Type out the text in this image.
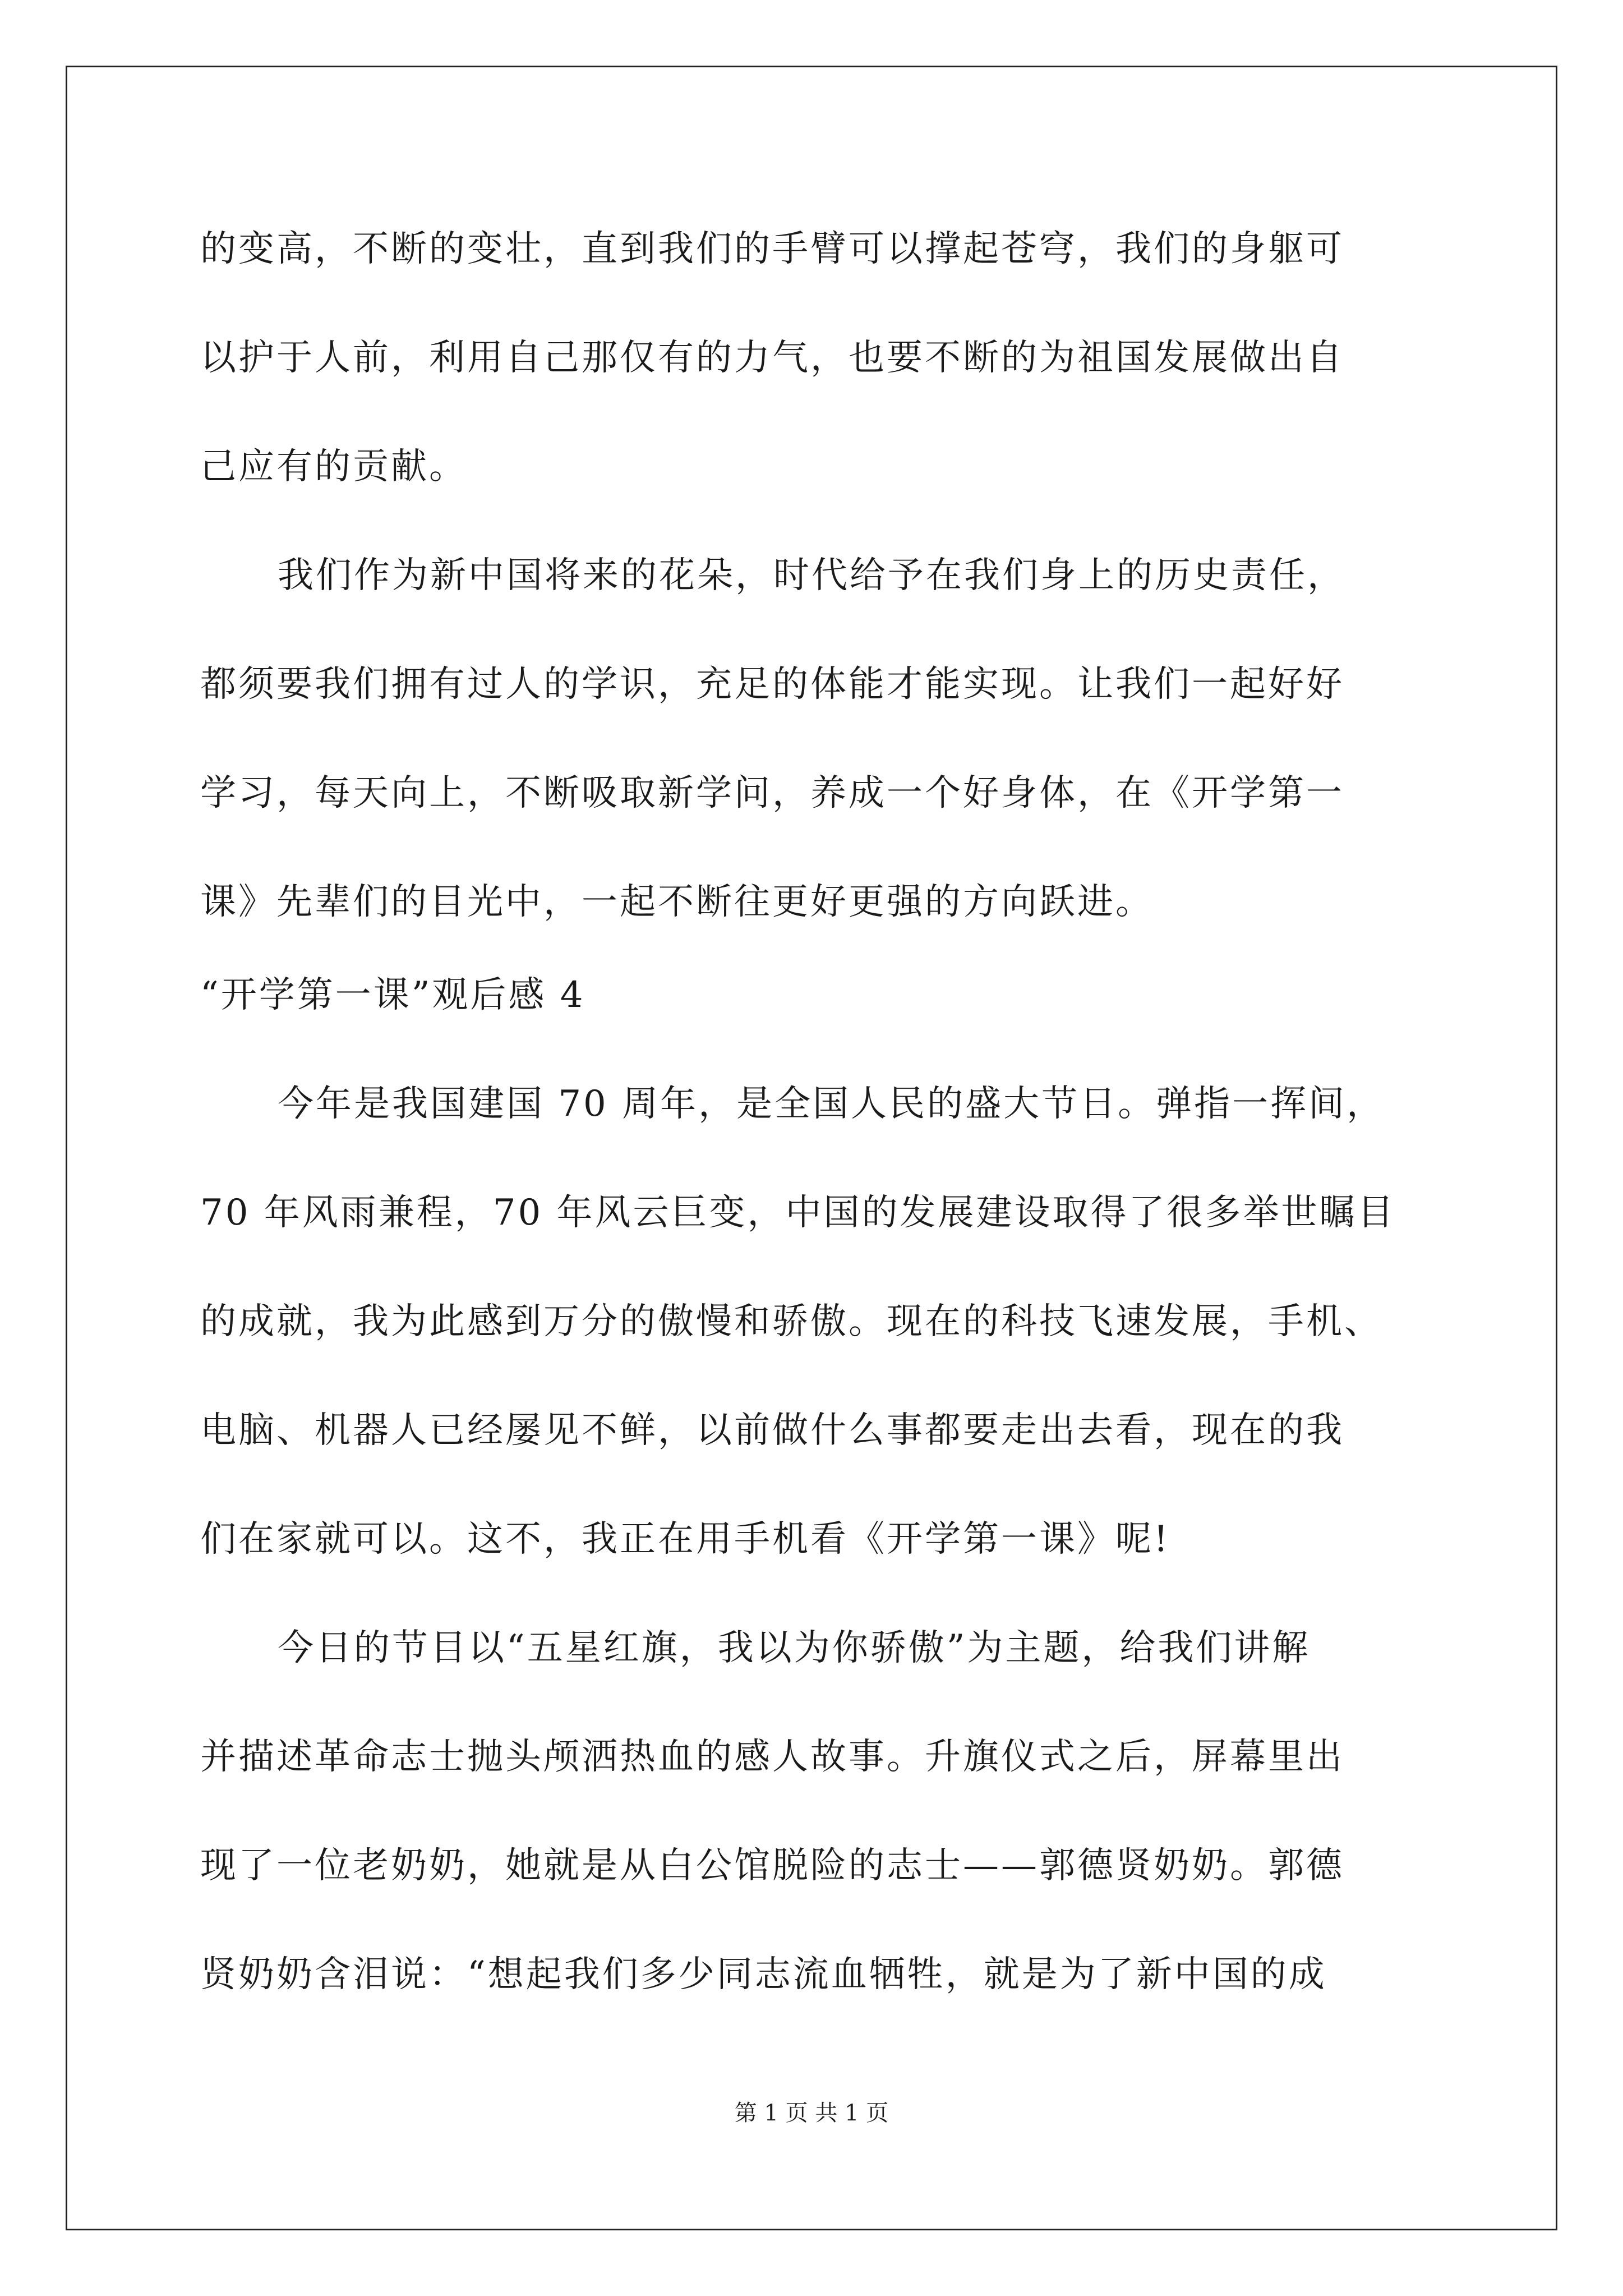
的变高，不断的变壮，直到我们的手臂可以撑起苍穹，我们的身躯可
以护于人前，利用自己那仅有的力气，也要不断的为祖国发展做出自
己应有的贡献。
我们作为新中国将来的花朵，时代给予在我们身上的历史责任，
都须要我们拥有过人的学识，充足的体能才能实现。让我们一起好好
学习，每天向上，不断吸取新学问，养成一个好身体，在《开学第一
课》先辈们的目光中，一起不断往更好更强的方向跃进。
“开学第一课”观后感 4
今年是我国建国 70 周年，是全国人民的盛大节日。弹指一挥间，
70 年风雨兼程，70 年风云巨变，中国的发展建设取得了很多举世瞩目
的成就，我为此感到万分的傲慢和骄傲。现在的科技飞速发展，手机、
电脑、机器人已经屡见不鲜，以前做什么事都要走出去看，现在的我
们在家就可以。这不，我正在用手机看《开学第一课》呢!
今日的节目以“五星红旗，我以为你骄傲”为主题，给我们讲解
并描述革命志士抛头颅洒热血的感人故事。升旗仪式之后，屏幕里出
现了一位老奶奶，她就是从白公馆脱险的志士——郭德贤奶奶。郭德
贤奶奶含泪说：“想起我们多少同志流血牺牲，就是为了新中国的成
第 1 页 共 1 页
